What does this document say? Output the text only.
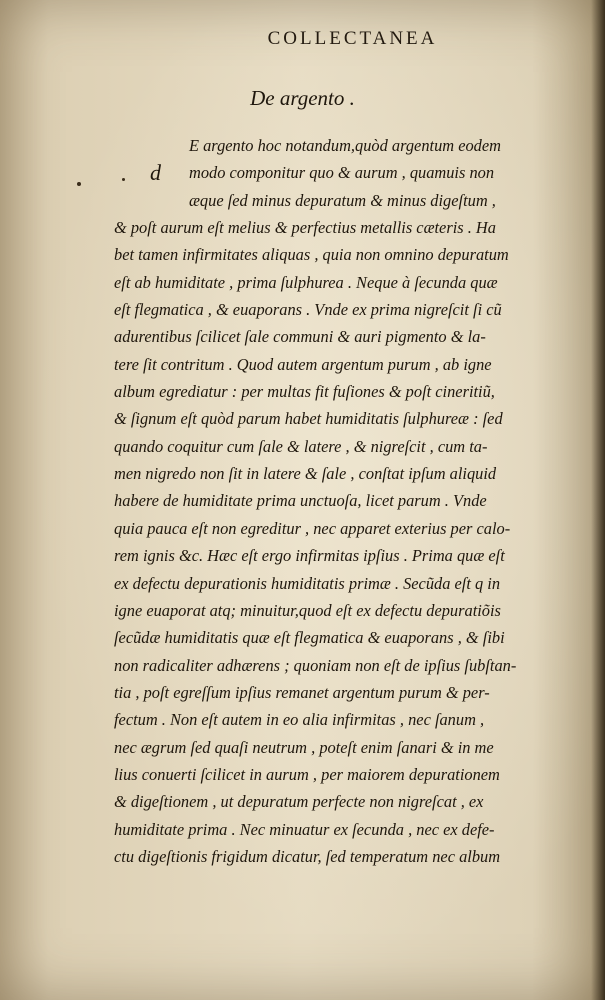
COLLECTANEA
De argento .
d
E argento hoc notandum,quòd argentum eodem
modo componitur quo & aurum , quamuis non
æque ſed minus depuratum & minus digeſtum ,
& poſt aurum eſt melius & perfectius metallis cæteris . Ha
bet tamen infirmitates aliquas , quia non omnino depuratum
eſt ab humiditate , prima ſulphurea . Neque à ſecunda quæ
eſt flegmatica , & euaporans . Vnde ex prima nigreſcit ſi cũ
adurentibus ſcilicet ſale communi & auri pigmento & la-
tere ſit contritum . Quod autem argentum purum , ab igne
album egrediatur : per multas fit fuſiones & poſt cineritiũ,
& ſignum eſt quòd parum habet humiditatis ſulphureæ : ſed
quando coquitur cum ſale & latere , & nigreſcit , cum ta-
men nigredo non ſit in latere & ſale , conſtat ipſum aliquid
habere de humiditate prima unctuoſa, licet parum . Vnde
quia pauca eſt non egreditur , nec apparet exterius per calo-
rem ignis &c. Hæc eſt ergo infirmitas ipſius . Prima quæ eſt
ex defectu depurationis humiditatis primæ . Secũda eſt q in
igne euaporat atq; minuitur,quod eſt ex defectu depuratiõis
ſecũdæ humiditatis quæ eſt flegmatica & euaporans , & ſibi
non radicaliter adhærens ; quoniam non eſt de ipſius ſubſtan-
tia , poſt egreſſum ipſius remanet argentum purum & per-
fectum . Non eſt autem in eo alia infirmitas , nec ſanum ,
nec ægrum ſed quaſi neutrum , poteſt enim ſanari & in me
lius conuerti ſcilicet in aurum , per maiorem depurationem
& digeſtionem , ut depuratum perfecte non nigreſcat , ex
humiditate prima . Nec minuatur ex ſecunda , nec ex defe-
ctu digeſtionis frigidum dicatur, ſed temperatum nec album
